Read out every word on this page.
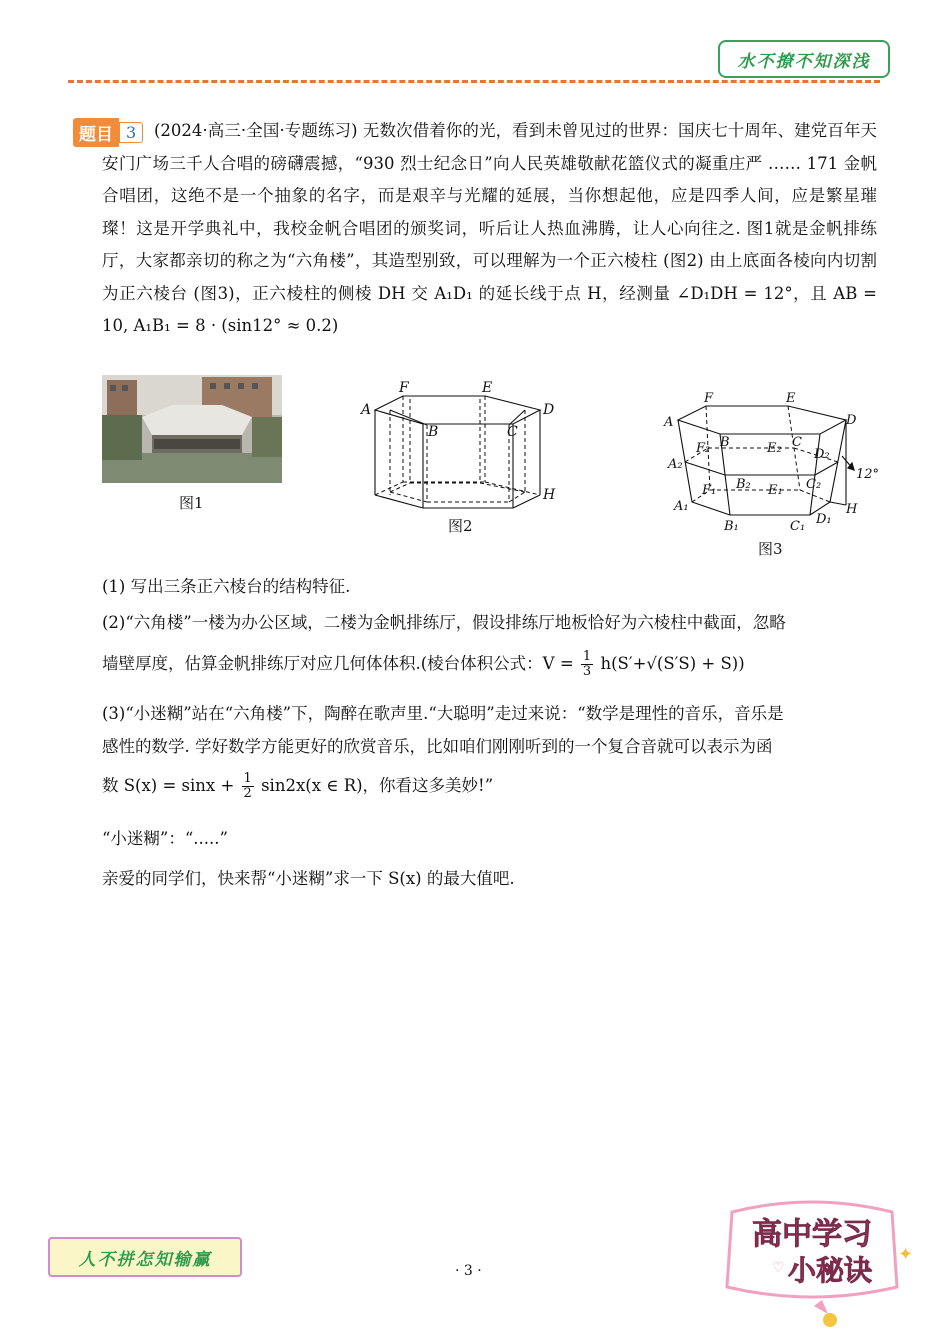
水不撩不知深浅
题目 3	(2024·高三·全国·专题练习) 无数次借着你的光，看到未曾见过的世界：国庆七十周年、建党百年天安门广场三千人合唱的磅礴震撼，“930 烈士纪念日”向人民英雄敬献花篮仪式的凝重庄严 …… 171 金帆合唱团，这绝不是一个抽象的名字，而是艰辛与光耀的延展，当你想起他，应是四季人间，应是繁星璀璨！这是开学典礼中，我校金帆合唱团的颁奖词，听后让人热血沸腾，让人心向往之. 图1就是金帆排练厅，大家都亲切的称之为“六角楼”，其造型别致，可以理解为一个正六棱柱 (图2) 由上底面各棱向内切割为正六棱台 (图3)，正六棱柱的侧棱 DH 交 A₁D₁ 的延长线于点 H，经测量 ∠D₁DH = 12°，且 AB = 10, A₁B₁ = 8 · (sin12° ≈ 0.2)
图1
A
F	E
D
B	C
H
图2
A
F	E
D
B	C
F₂	E₂
A₂
D₂
F₁ B₂ E₁ C₂
A₁
B₁	C₁ D₁
H
12°
图3
(1) 写出三条正六棱台的结构特征.
(2)“六角楼”一楼为办公区域，二楼为金帆排练厅，假设排练厅地板恰好为六棱柱中截面，忽略
墙壁厚度，估算金帆排练厅对应几何体体积.(棱台体积公式：$V = \frac{1}{3} h(S'+√(S'S) + S)$)
(3)“小迷糊”站在“六角楼”下，陶醉在歌声里.“大聪明”走过来说：“数学是理性的音乐，音乐是
感性的数学. 学好数学方能更好的欣赏音乐，比如咱们刚刚听到的一个复合音就可以表示为函
数 $S(x) = \sin x + \frac{1}{2} \sin 2x(x$ ∈ R)，你看这多美妙!”
“小迷糊”：“.....”
亲爱的同学们，快来帮“小迷糊”求一下 S(x) 的最大值吧.
人不拼怎知输赢
· 3 ·
高中学习
小秘诀 ✦
♡
